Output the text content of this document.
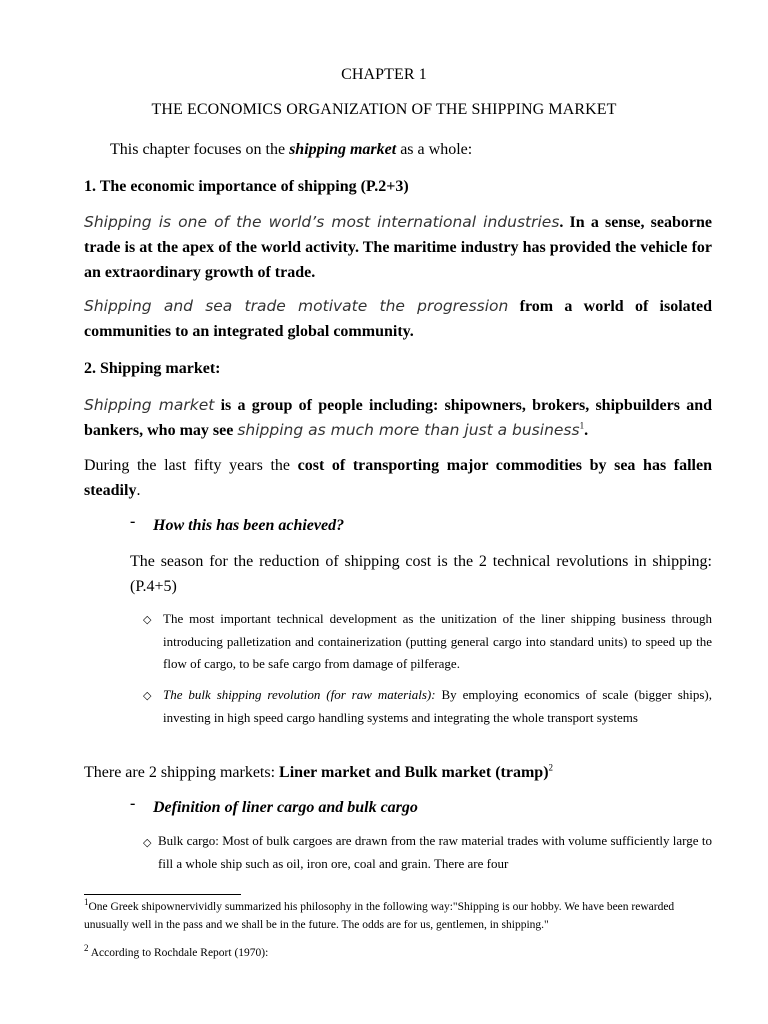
CHAPTER 1
THE ECONOMICS ORGANIZATION OF THE SHIPPING MARKET

This chapter focuses on the shipping market as a whole:

1. The economic importance of shipping (P.2+3)

Shipping is one of the world’s most international industries. In a sense, seaborne trade is at the apex of the world activity. The maritime industry has provided the vehicle for an extraordinary growth of trade.

Shipping and sea trade motivate the progression from a world of isolated communities to an integrated global community.

2. Shipping market:

Shipping market is a group of people including: shipowners, brokers, shipbuilders and bankers, who may see shipping as much more than just a business$^1$.

During the last fifty years the cost of transporting major commodities by sea has fallen steadily.

- How this has been achieved?

The season for the reduction of shipping cost is the 2 technical revolutions in shipping: (P.4+5)

◇ The most important technical development as the unitization of the liner shipping business through introducing palletization and containerization (putting general cargo into standard units) to speed up the flow of cargo, to be safe cargo from damage of pilferage.

◇ The bulk shipping revolution (for raw materials): By employing economics of scale (bigger ships), investing in high speed cargo handling systems and integrating the whole transport systems

There are 2 shipping markets: Liner market and Bulk market (tramp)$^2$

- Definition of liner cargo and bulk cargo

◇ Bulk cargo: Most of bulk cargoes are drawn from the raw material trades with volume sufficiently large to fill a whole ship such as oil, iron ore, coal and grain. There are four

$^1$One Greek shipownervividly summarized his philosophy in the following way:"Shipping is our hobby. We have been rewarded unusually well in the pass and we shall be in the future. The odds are for us, gentlemen, in shipping."

$^2$ According to Rochdale Report (1970):
